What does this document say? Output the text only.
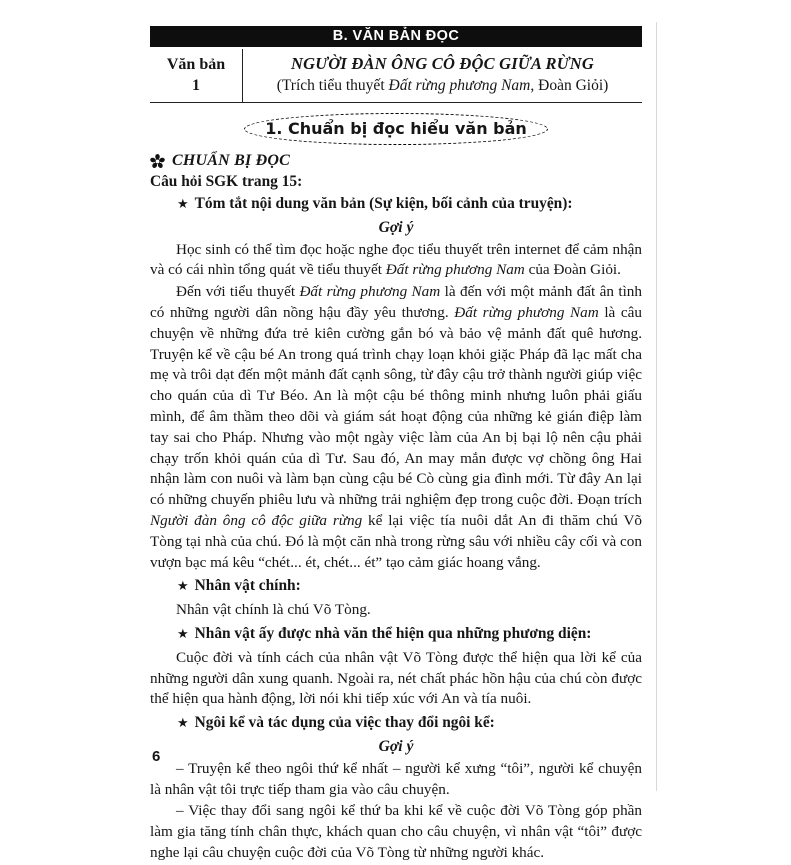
B. VĂN BẢN ĐỌC
Văn bản
1
NGƯỜI ĐÀN ÔNG CÔ ĐỘC GIỮA RỪNG
(Trích tiểu thuyết Đất rừng phương Nam, Đoàn Giỏi)
1. Chuẩn bị đọc hiểu văn bản
CHUẨN BỊ ĐỌC
Câu hỏi SGK trang 15:
★ Tóm tắt nội dung văn bản (Sự kiện, bối cảnh của truyện):
Gợi ý

Học sinh có thể tìm đọc hoặc nghe đọc tiểu thuyết trên internet để cảm nhận và có cái nhìn tổng quát về tiểu thuyết Đất rừng phương Nam của Đoàn Giỏi.

Đến với tiểu thuyết Đất rừng phương Nam là đến với một mảnh đất ân tình có những người dân nồng hậu đầy yêu thương. Đất rừng phương Nam là câu chuyện về những đứa trẻ kiên cường gắn bó và bảo vệ mảnh đất quê hương. Truyện kể về cậu bé An trong quá trình chạy loạn khỏi giặc Pháp đã lạc mất cha mẹ và trôi dạt đến một mảnh đất cạnh sông, từ đây cậu trở thành người giúp việc cho quán của dì Tư Béo. An là một cậu bé thông minh nhưng luôn phải giấu mình, để âm thầm theo dõi và giám sát hoạt động của những kẻ gián điệp làm tay sai cho Pháp. Nhưng vào một ngày việc làm của An bị bại lộ nên cậu phải chạy trốn khỏi quán của dì Tư. Sau đó, An may mắn được vợ chồng ông Hai nhận làm con nuôi và làm bạn cùng cậu bé Cò cùng gia đình mới. Từ đây An lại có những chuyến phiêu lưu và những trải nghiệm đẹp trong cuộc đời. Đoạn trích Người đàn ông cô độc giữa rừng kể lại việc tía nuôi dắt An đi thăm chú Võ Tòng tại nhà của chú. Đó là một căn nhà trong rừng sâu với nhiều cây cối và con vượn bạc má kêu “chét... ét, chét... ét” tạo cảm giác hoang vắng.

★ Nhân vật chính:

Nhân vật chính là chú Võ Tòng.

★ Nhân vật ấy được nhà văn thể hiện qua những phương diện:

Cuộc đời và tính cách của nhân vật Võ Tòng được thể hiện qua lời kể của những người dân xung quanh. Ngoài ra, nét chất phác hồn hậu của chú còn được thể hiện qua hành động, lời nói khi tiếp xúc với An và tía nuôi.

★ Ngôi kể và tác dụng của việc thay đổi ngôi kể:
Gợi ý

– Truyện kể theo ngôi thứ kể nhất – người kể xưng “tôi”, người kể chuyện là nhân vật tôi trực tiếp tham gia vào câu chuyện.

– Việc thay đổi sang ngôi kể thứ ba khi kể về cuộc đời Võ Tòng góp phần làm gia tăng tính chân thực, khách quan cho câu chuyện, vì nhân vật “tôi” được nghe lại câu chuyện cuộc đời của Võ Tòng từ những người khác.

6
